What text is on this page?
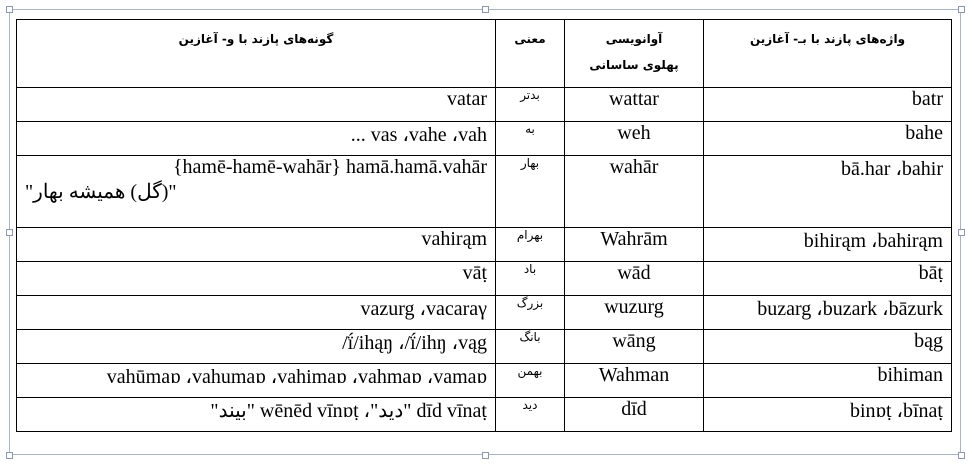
واژه‌های پازند با بـ- آغازین	آوانویسی
پهلوی ساسانی	معنی	گونه‌های پازند با و- آغازین
batr	wattar	بدتر	vatar
bahe	weh	به	... vas ،vahe ،vah
bā.har ،bahir	wahār	بهار	{hamē-hamē-wahār} hamā.hamā.vahār
"(گل) همیشه بهار"

bihirąm ،bahirąm	Wahrām	بهرام	vahirąm
bāṭ	wād	باد	vāṭ
buzarg ،buzark ،bāzurk	wuzurg	بزرگ	vazurg ،vacaraγ
bąg	wāng	بانگ	/ḯ/ihąŋ ،/ḯ/ihŋ ،vąg
bihiman	Wahman	بهمن	vahūmaɒ ،vahumaɒ ،vahimaɒ ،vahmaɒ ،vamaɒ
binɒṭ ،bīnaṭ	dīd	دید	"بیند" wēnēd vīnɒṭ ،"دید" dīd vīnaṭ
